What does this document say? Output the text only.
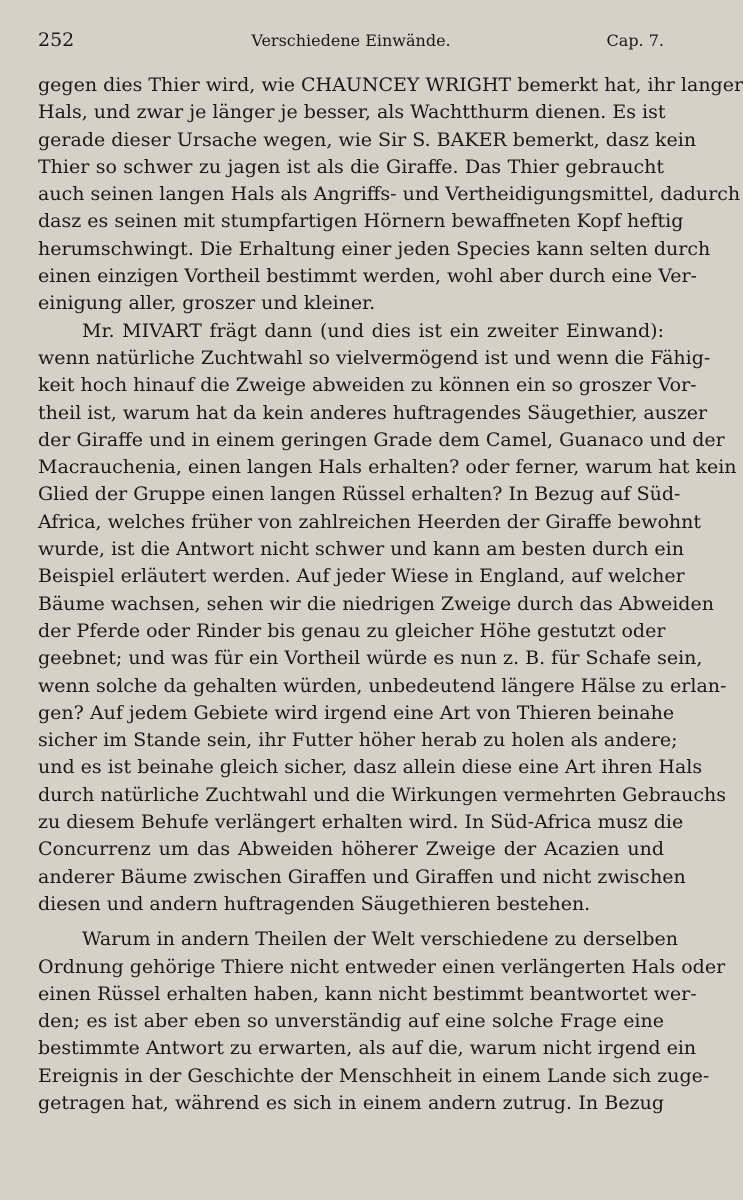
252	Verschiedene Einwände.	Cap. 7.
gegen dies Thier wird, wie CHAUNCEY WRIGHT bemerkt hat, ihr langer
Hals, und zwar je länger je besser, als Wachtthurm dienen. Es ist
gerade dieser Ursache wegen, wie Sir S. BAKER bemerkt, dasz kein
Thier so schwer zu jagen ist als die Giraffe. Das Thier gebraucht
auch seinen langen Hals als Angriffs- und Vertheidigungsmittel, dadurch
dasz es seinen mit stumpfartigen Hörnern bewaffneten Kopf heftig
herumschwingt. Die Erhaltung einer jeden Species kann selten durch
einen einzigen Vortheil bestimmt werden, wohl aber durch eine Ver-
einigung aller, groszer und kleiner.
Mr. MIVART frägt dann (und dies ist ein zweiter Einwand):
wenn natürliche Zuchtwahl so vielvermögend ist und wenn die Fähig-
keit hoch hinauf die Zweige abweiden zu können ein so groszer Vor-
theil ist, warum hat da kein anderes huftragendes Säugethier, auszer
der Giraffe und in einem geringen Grade dem Camel, Guanaco und der
Macrauchenia, einen langen Hals erhalten? oder ferner, warum hat kein
Glied der Gruppe einen langen Rüssel erhalten? In Bezug auf Süd-
Africa, welches früher von zahlreichen Heerden der Giraffe bewohnt
wurde, ist die Antwort nicht schwer und kann am besten durch ein
Beispiel erläutert werden. Auf jeder Wiese in England, auf welcher
Bäume wachsen, sehen wir die niedrigen Zweige durch das Abweiden
der Pferde oder Rinder bis genau zu gleicher Höhe gestutzt oder
geebnet; und was für ein Vortheil würde es nun z. B. für Schafe sein,
wenn solche da gehalten würden, unbedeutend längere Hälse zu erlan-
gen? Auf jedem Gebiete wird irgend eine Art von Thieren beinahe
sicher im Stande sein, ihr Futter höher herab zu holen als andere;
und es ist beinahe gleich sicher, dasz allein diese eine Art ihren Hals
durch natürliche Zuchtwahl und die Wirkungen vermehrten Gebrauchs
zu diesem Behufe verlängert erhalten wird. In Süd-Africa musz die
Concurrenz um das Abweiden höherer Zweige der Acazien und
anderer Bäume zwischen Giraffen und Giraffen und nicht zwischen
diesen und andern huftragenden Säugethieren bestehen.
Warum in andern Theilen der Welt verschiedene zu derselben
Ordnung gehörige Thiere nicht entweder einen verlängerten Hals oder
einen Rüssel erhalten haben, kann nicht bestimmt beantwortet wer-
den; es ist aber eben so unverständig auf eine solche Frage eine
bestimmte Antwort zu erwarten, als auf die, warum nicht irgend ein
Ereignis in der Geschichte der Menschheit in einem Lande sich zuge-
getragen hat, während es sich in einem andern zutrug. In Bezug
